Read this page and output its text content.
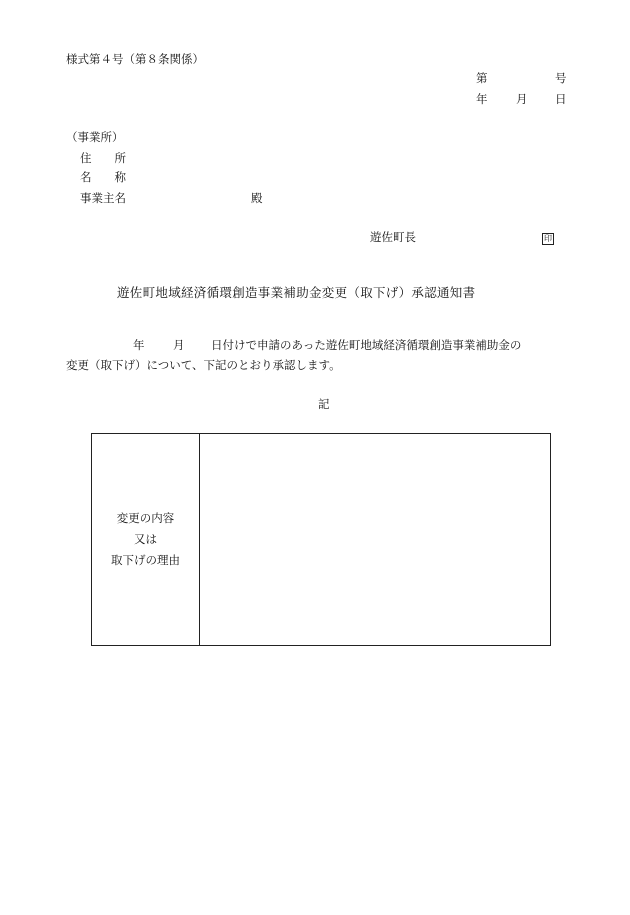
様式第４号（第８条関係）
第	号
年 月 日
（事業所）
住　　所
名　　称
事業主名	殿
遊佐町長	印
遊佐町地域経済循環創造事業補助金変更（取下げ）承認通知書
年 月 日付けで申請のあった遊佐町地域経済循環創造事業補助金の
変更（取下げ）について、下記のとおり承認します。
記
変更の内容
又は
取下げの理由
